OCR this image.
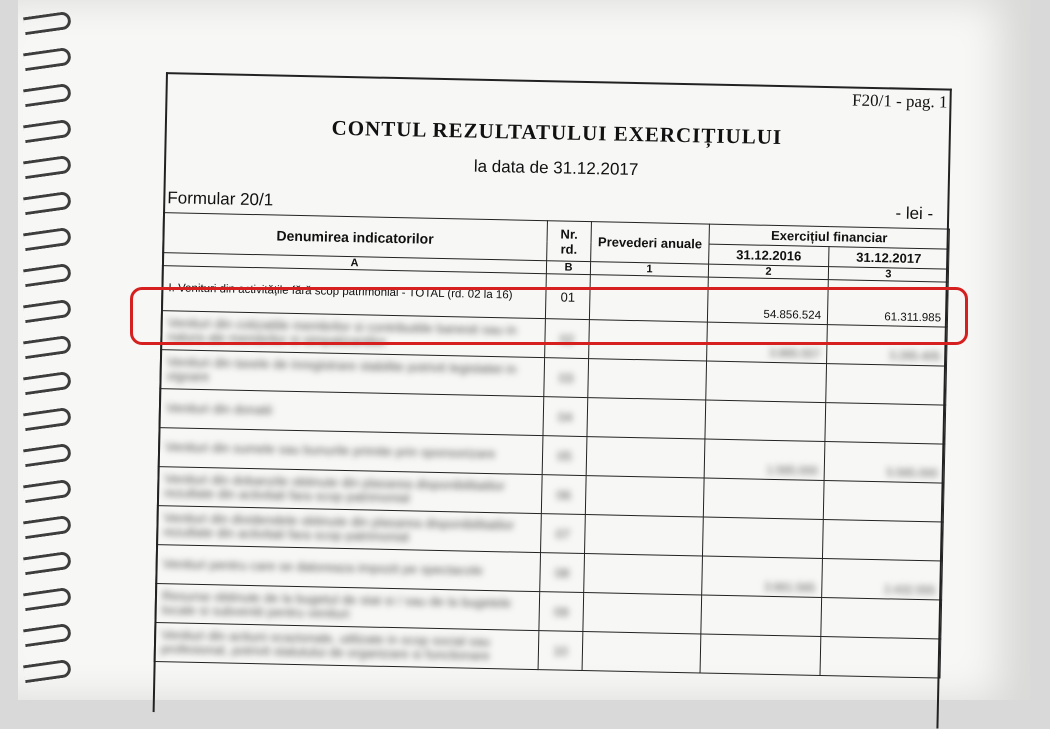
F20/1 - pag. 1
CONTUL REZULTATULUI EXERCIȚIULUI
la data de 31.12.2017
Formular 20/1
- lei -
Denumirea indicatorilor	Nr. rd.	Prevederi anuale	Exercițiul financiar	
			31.12.2016	31.12.2017
A	B	1	2	3
I. Venituri din activitățile fără scop patrimonial - TOTAL (rd. 02 la 16)	01		54.856.524	61.311.985
Venituri din cotizatiile membrilor si contributiile banesti sau in natura ale membrilor si simpatizantilor	02		3.865.557	3.265.405
Venituri din taxele de inregistrare stabilite potrivit legislatiei in vigoare	03			
Venituri din donatii	04			
Venituri din sumele sau bunurile primite prin sponsorizare	05		1.565.000	5.565.000
Venituri din dobanzile obtinute din plasarea disponibilitatilor rezultate din activitati fara scop patrimonial	06			
Venituri din dividendele obtinute din plasarea disponibilitatilor rezultate din activitati fara scop patrimonial	07			
Venituri pentru care se datoreaza impozit pe spectacole	08		3.661.565	2.432.555
Resurse obtinute de la bugetul de stat si / sau de la bugetele locale si subventii pentru venituri	09			
Venituri din actiuni ocazionale, utilizate in scop social sau profesional, potrivit statutului de organizare si functionare	10			
